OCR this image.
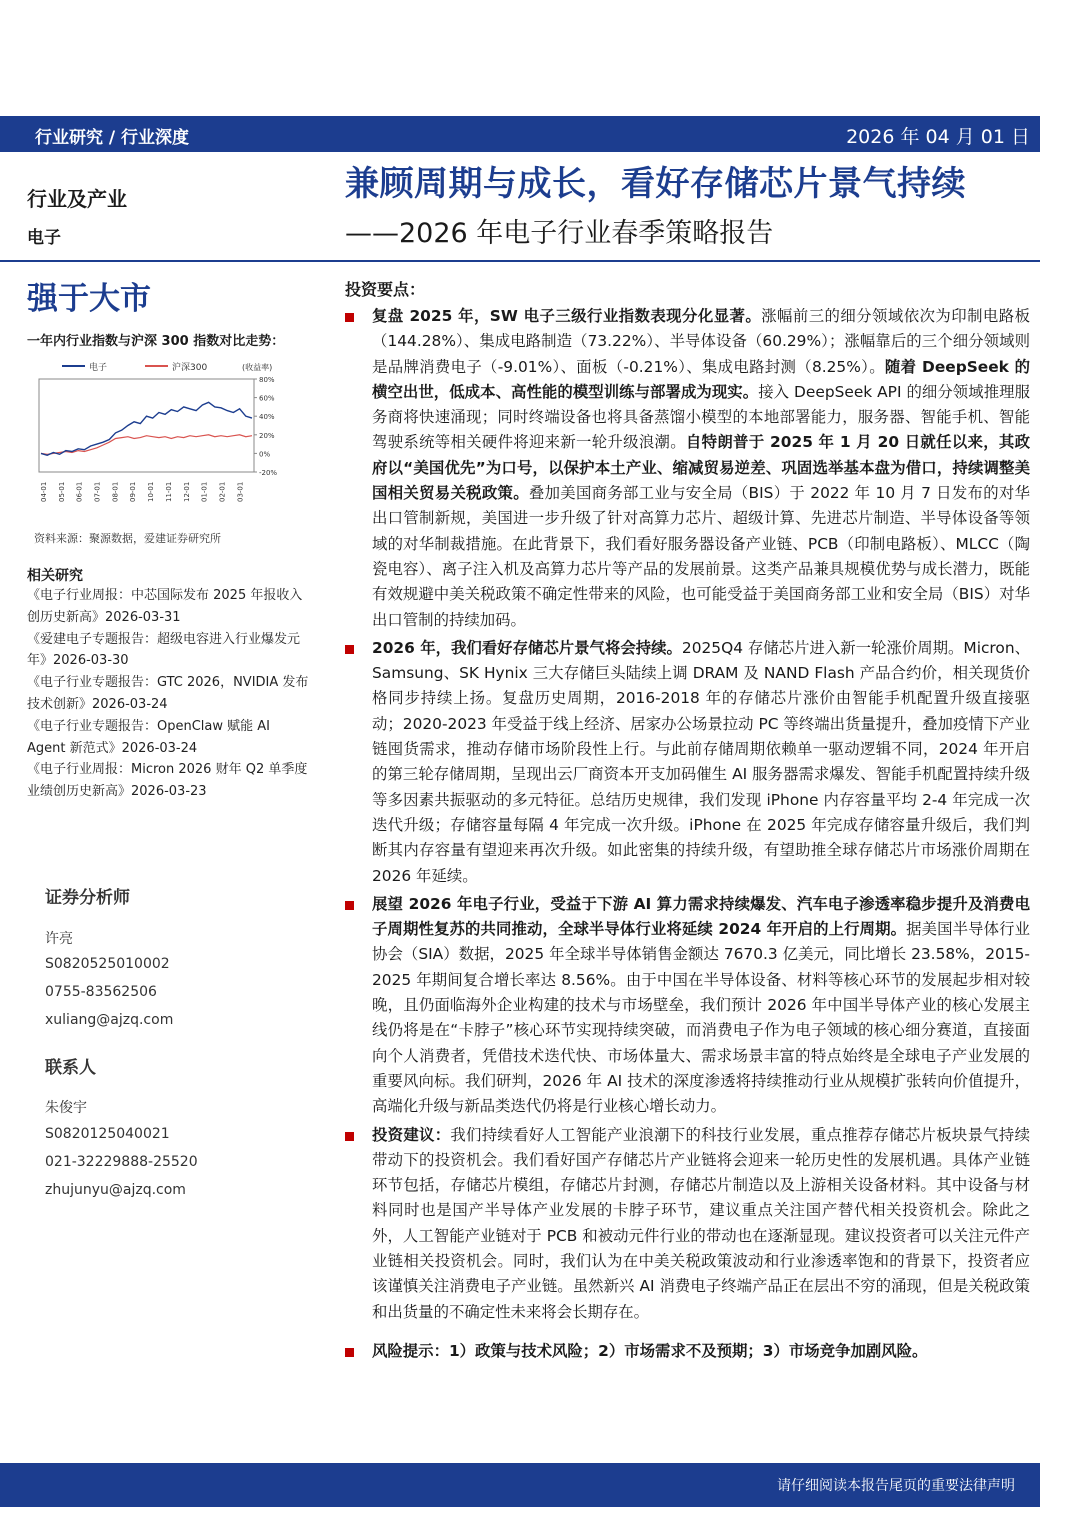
行业研究 / 行业深度	2026 年 04 月 01 日
行业及产业
电子
兼顾周期与成长，看好存储芯片景气持续
——2026 年电子行业春季策略报告
强于大市
一年内行业指数与沪深 300 指数对比走势：
电子	沪深300	(收益率)
80%
60%
40%
20%
0%
-20%
04-01 05-01 06-01 07-01 08-01 09-01 10-01 11-01 12-01 01-01 02-01 03-01
资料来源：聚源数据，爱建证券研究所
相关研究
《电子行业周报：中芯国际发布 2025 年报收入创历史新高》2026-03-31
《爱建电子专题报告：超级电容进入行业爆发元年》2026-03-30
《电子行业专题报告：GTC 2026，NVIDIA 发布技术创新》2026-03-24
《电子行业专题报告：OpenClaw 赋能 AI Agent 新范式》2026-03-24
《电子行业周报：Micron 2026 财年 Q2 单季度业绩创历史新高》2026-03-23
证券分析师
许亮
S0820525010002
0755-83562506
xuliang@ajzq.com
联系人
朱俊宇
S0820125040021
021-32229888-25520
zhujunyu@ajzq.com
投资要点：
复盘 2025 年，SW 电子三级行业指数表现分化显著。涨幅前三的细分领域依次为印制电路板（144.28%）、集成电路制造（73.22%）、半导体设备（60.29%）；涨幅靠后的三个细分领域则是品牌消费电子（-9.01%）、面板（-0.21%）、集成电路封测（8.25%）。随着 DeepSeek 的横空出世，低成本、高性能的模型训练与部署成为现实。接入 DeepSeek API 的细分领域推理服务商将快速涌现；同时终端设备也将具备蒸馏小模型的本地部署能力，服务器、智能手机、智能驾驶系统等相关硬件将迎来新一轮升级浪潮。自特朗普于 2025 年 1 月 20 日就任以来，其政府以“美国优先”为口号，以保护本土产业、缩减贸易逆差、巩固选举基本盘为借口，持续调整美国相关贸易关税政策。叠加美国商务部工业与安全局（BIS）于 2022 年 10 月 7 日发布的对华出口管制新规，美国进一步升级了针对高算力芯片、超级计算、先进芯片制造、半导体设备等领域的对华制裁措施。在此背景下，我们看好服务器设备产业链、PCB（印制电路板）、MLCC（陶瓷电容）、离子注入机及高算力芯片等产品的发展前景。这类产品兼具规模优势与成长潜力，既能有效规避中美关税政策不确定性带来的风险，也可能受益于美国商务部工业和安全局（BIS）对华出口管制的持续加码。
2026 年，我们看好存储芯片景气将会持续。2025Q4 存储芯片进入新一轮涨价周期。Micron、Samsung、SK Hynix 三大存储巨头陆续上调 DRAM 及 NAND Flash 产品合约价，相关现货价格同步持续上扬。复盘历史周期，2016-2018 年的存储芯片涨价由智能手机配置升级直接驱动；2020-2023 年受益于线上经济、居家办公场景拉动 PC 等终端出货量提升，叠加疫情下产业链囤货需求，推动存储市场阶段性上行。与此前存储周期依赖单一驱动逻辑不同，2024 年开启的第三轮存储周期，呈现出云厂商资本开支加码催生 AI 服务器需求爆发、智能手机配置持续升级等多因素共振驱动的多元特征。总结历史规律，我们发现 iPhone 内存容量平均 2-4 年完成一次迭代升级；存储容量每隔 4 年完成一次升级。iPhone 在 2025 年完成存储容量升级后，我们判断其内存容量有望迎来再次升级。如此密集的持续升级，有望助推全球存储芯片市场涨价周期在 2026 年延续。
展望 2026 年电子行业，受益于下游 AI 算力需求持续爆发、汽车电子渗透率稳步提升及消费电子周期性复苏的共同推动，全球半导体行业将延续 2024 年开启的上行周期。据美国半导体行业协会（SIA）数据，2025 年全球半导体销售金额达 7670.3 亿美元，同比增长 23.58%，2015-2025 年期间复合增长率达 8.56%。由于中国在半导体设备、材料等核心环节的发展起步相对较晚，且仍面临海外企业构建的技术与市场壁垒，我们预计 2026 年中国半导体产业的核心发展主线仍将是在“卡脖子”核心环节实现持续突破，而消费电子作为电子领域的核心细分赛道，直接面向个人消费者，凭借技术迭代快、市场体量大、需求场景丰富的特点始终是全球电子产业发展的重要风向标。我们研判，2026 年 AI 技术的深度渗透将持续推动行业从规模扩张转向价值提升，高端化升级与新品类迭代仍将是行业核心增长动力。
投资建议：我们持续看好人工智能产业浪潮下的科技行业发展，重点推荐存储芯片板块景气持续带动下的投资机会。我们看好国产存储芯片产业链将会迎来一轮历史性的发展机遇。具体产业链环节包括，存储芯片模组，存储芯片封测，存储芯片制造以及上游相关设备材料。其中设备与材料同时也是国产半导体产业发展的卡脖子环节，建议重点关注国产替代相关投资机会。除此之外，人工智能产业链对于 PCB 和被动元件行业的带动也在逐渐显现。建议投资者可以关注元件产业链相关投资机会。同时，我们认为在中美关税政策波动和行业渗透率饱和的背景下，投资者应该谨慎关注消费电子产业链。虽然新兴 AI 消费电子终端产品正在层出不穷的涌现，但是关税政策和出货量的不确定性未来将会长期存在。
风险提示：1）政策与技术风险；2）市场需求不及预期；3）市场竞争加剧风险。
请仔细阅读本报告尾页的重要法律声明
